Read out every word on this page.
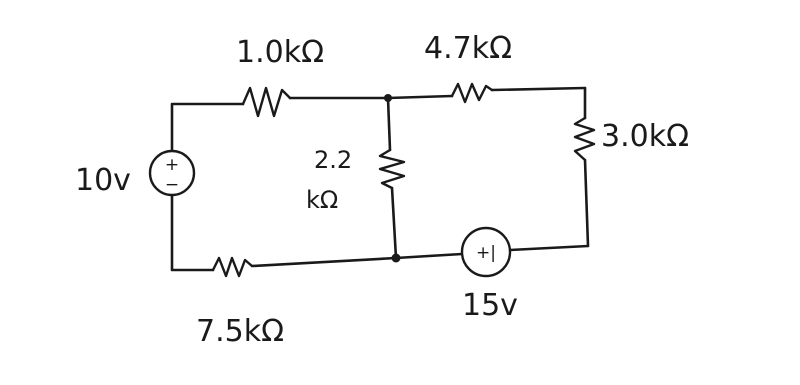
+
−
+|
1.0kΩ	4.7kΩ
3.0kΩ
2.2
kΩ
7.5kΩ
10v
15v
